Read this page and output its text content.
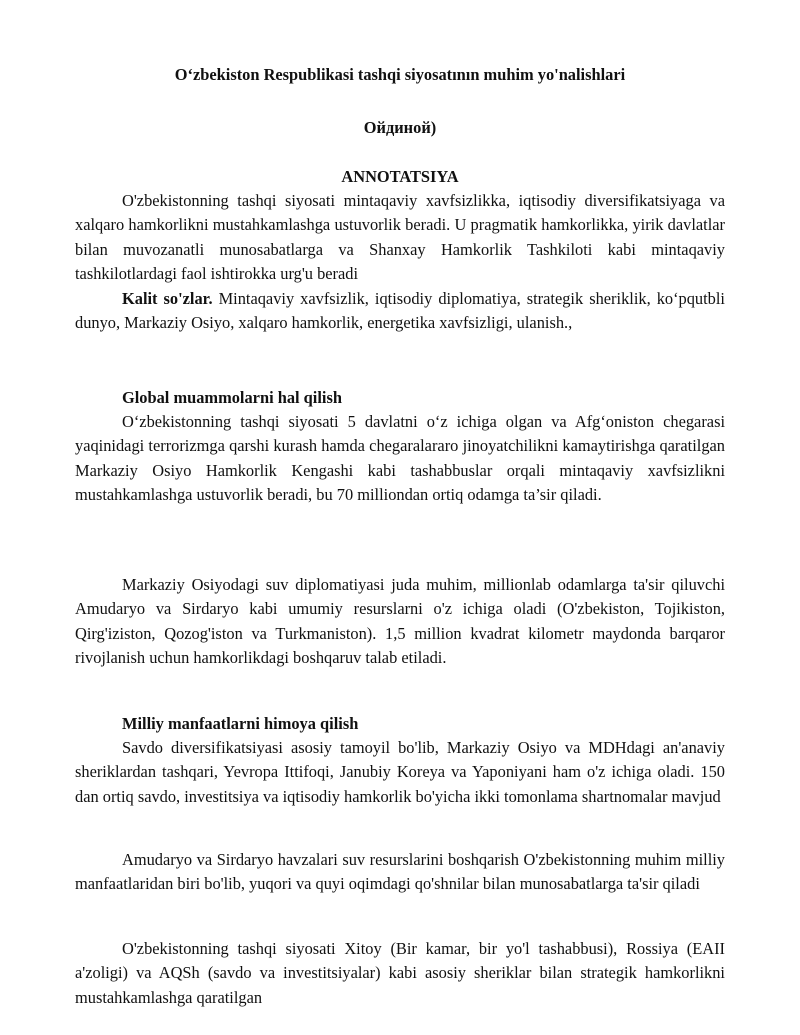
O‘zbekiston Respublikasi tashqi siyosatının muhim yo'nalishlari
Ойдиной)
ANNOTATSIYA

O'zbekistonning tashqi siyosati mintaqaviy xavfsizlikka, iqtisodiy diversifikatsiyaga va xalqaro hamkorlikni mustahkamlashga ustuvorlik beradi. U pragmatik hamkorlikka, yirik davlatlar bilan muvozanatli munosabatlarga va Shanxay Hamkorlik Tashkiloti kabi mintaqaviy tashkilotlardagi faol ishtirokka urg'u beradi

Kalit so'zlar. Mintaqaviy xavfsizlik, iqtisodiy diplomatiya, strategik sheriklik, ko‘pqutbli dunyo, Markaziy Osiyo, xalqaro hamkorlik, energetika xavfsizligi, ulanish.,

Global muammolarni hal qilish

O‘zbekistonning tashqi siyosati 5 davlatni o‘z ichiga olgan va Afg‘oniston chegarasi yaqinidagi terrorizmga qarshi kurash hamda chegaralararo jinoyatchilikni kamaytirishga qaratilgan Markaziy Osiyo Hamkorlik Kengashi kabi tashabbuslar orqali mintaqaviy xavfsizlikni mustahkamlashga ustuvorlik beradi, bu 70 milliondan ortiq odamga ta’sir qiladi.

Markaziy Osiyodagi suv diplomatiyasi juda muhim, millionlab odamlarga ta'sir qiluvchi Amudaryo va Sirdaryo kabi umumiy resurslarni o'z ichiga oladi (O'zbekiston, Tojikiston, Qirg'iziston, Qozog'iston va Turkmaniston). 1,5 million kvadrat kilometr maydonda barqaror rivojlanish uchun hamkorlikdagi boshqaruv talab etiladi.

Milliy manfaatlarni himoya qilish

Savdo diversifikatsiyasi asosiy tamoyil bo'lib, Markaziy Osiyo va MDHdagi an'anaviy sheriklardan tashqari, Yevropa Ittifoqi, Janubiy Koreya va Yaponiyani ham o'z ichiga oladi. 150 dan ortiq savdo, investitsiya va iqtisodiy hamkorlik bo'yicha ikki tomonlama shartnomalar mavjud

Amudaryo va Sirdaryo havzalari suv resurslarini boshqarish O'zbekistonning muhim milliy manfaatlaridan biri bo'lib, yuqori va quyi oqimdagi qo'shnilar bilan munosabatlarga ta'sir qiladi

O'zbekistonning tashqi siyosati Xitoy (Bir kamar, bir yo'l tashabbusi), Rossiya (EAII a'zoligi) va AQSh (savdo va investitsiyalar) kabi asosiy sheriklar bilan strategik hamkorlikni mustahkamlashga qaratilgan
